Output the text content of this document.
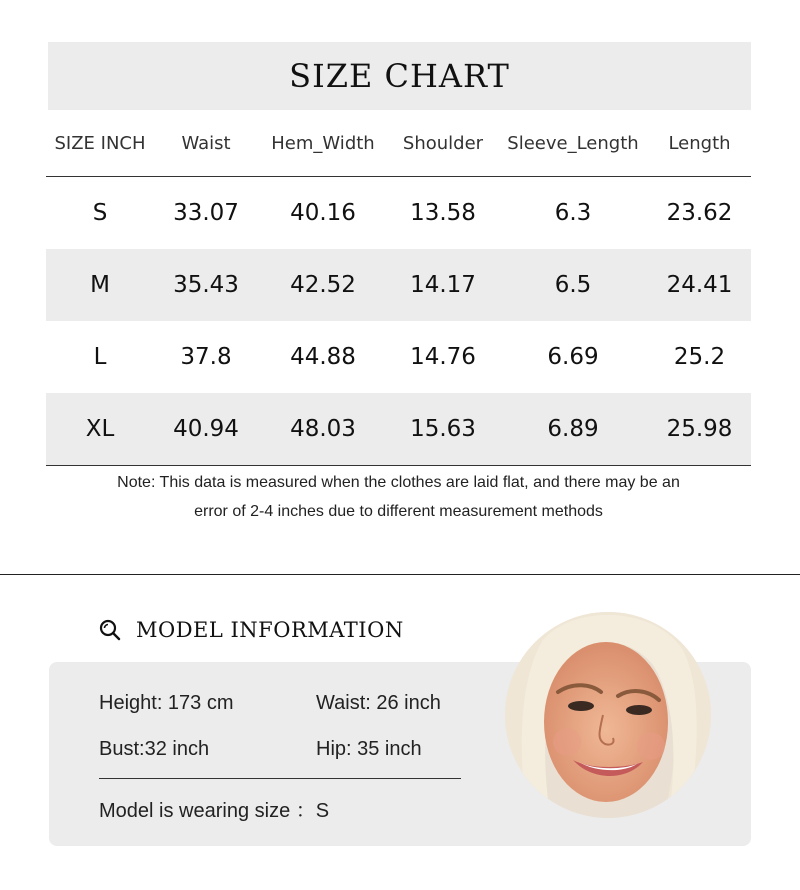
SIZE CHART
SIZE INCH	Waist	Hem_Width	Shoulder	Sleeve_Length	Length
S	33.07	40.16	13.58	6.3	23.62
M	35.43	42.52	14.17	6.5	24.41
L	37.8	44.88	14.76	6.69	25.2
XL	40.94	48.03	15.63	6.89	25.98
Note: This data is measured when the clothes are laid flat, and there may be an
error of 2-4 inches due to different measurement methods
MODEL INFORMATION
Height: 173 cm	Waist: 26 inch
Bust:32 inch	Hip: 35 inch
Model is wearing size ：S
